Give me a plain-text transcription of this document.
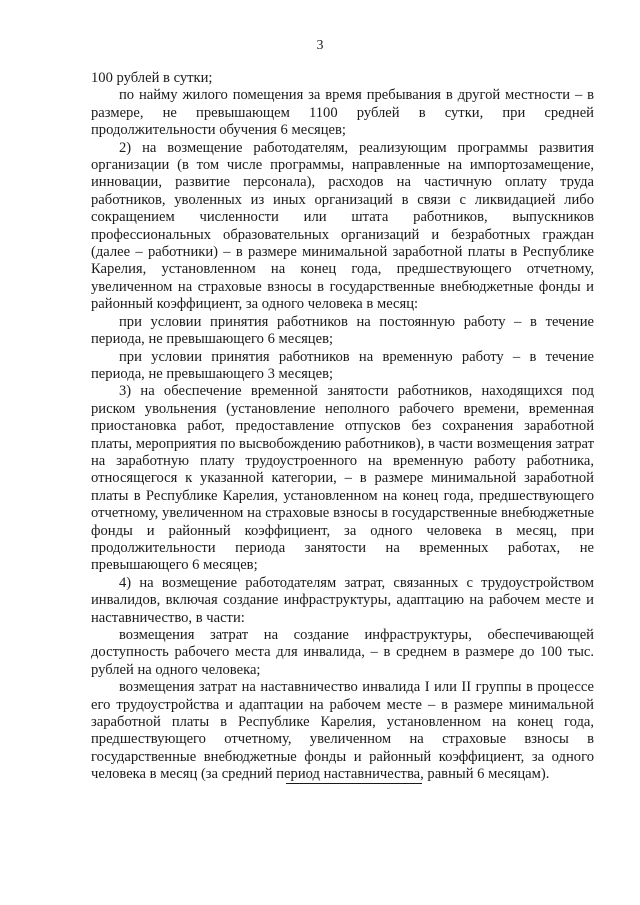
3

100 рублей в сутки;

по найму жилого помещения за время пребывания в другой местности – в размере, не превышающем 1100 рублей в сутки, при средней продолжительности обучения 6 месяцев;

2) на возмещение работодателям, реализующим программы развития организации (в том числе программы, направленные на импортозамещение, инновации, развитие персонала), расходов на частичную оплату труда работников, уволенных из иных организаций в связи с ликвидацией либо сокращением численности или штата работников, выпускников профессиональных образовательных организаций и безработных граждан (далее – работники) – в размере минимальной заработной платы в Республике Карелия, установленном на конец года, предшествующего отчетному, увеличенном на страховые взносы в государственные внебюджетные фонды и районный коэффициент, за одного человека в месяц:

при условии принятия работников на постоянную работу – в течение периода, не превышающего 6 месяцев;

при условии принятия работников на временную работу – в течение периода, не превышающего 3 месяцев;

3) на обеспечение временной занятости работников, находящихся под риском увольнения (установление неполного рабочего времени, временная приостановка работ, предоставление отпусков без сохранения заработной платы, мероприятия по высвобождению работников), в части возмещения затрат на заработную плату трудоустроенного на временную работу работника, относящегося к указанной категории, – в размере минимальной заработной платы в Республике Карелия, установленном на конец года, предшествующего отчетному, увеличенном на страховые взносы в государственные внебюджетные фонды и районный коэффициент, за одного человека в месяц, при продолжительности периода занятости на временных работах, не превышающего 6 месяцев;

4) на возмещение работодателям затрат, связанных с трудоустройством инвалидов, включая создание инфраструктуры, адаптацию на рабочем месте и наставничество, в части:

возмещения затрат на создание инфраструктуры, обеспечивающей доступность рабочего места для инвалида, – в среднем в размере до 100 тыс. рублей на одного человека;

возмещения затрат на наставничество инвалида I или II группы в процессе его трудоустройства и адаптации на рабочем месте – в размере минимальной заработной платы в Республике Карелия, установленном на конец года, предшествующего отчетному, увеличенном на страховые взносы в государственные внебюджетные фонды и районный коэффициент, за одного человека в месяц (за средний период наставничества, равный 6 месяцам).
